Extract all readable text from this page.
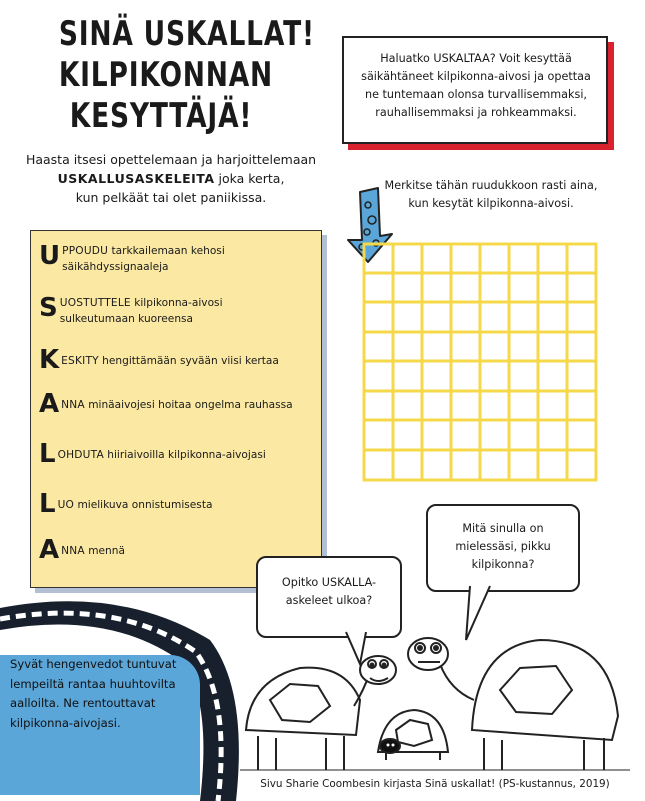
SINÄ USKALLAT!
KILPIKONNAN
KESYTTÄJÄ!
Haasta itsesi opettelemaan ja harjoittelemaan
USKALLUSASKELEITA joka kerta,
kun pelkäät tai olet paniikissa.

Haluatko USKALTAA? Voit kesyttää säikähtäneet kilpikonna-aivosi ja opettaa ne tuntemaan olonsa turvallisemmaksi, rauhallisemmaksi ja rohkeammaksi.

Merkitse tähän ruudukkoon rasti aina, kun kesytät kilpikonna-aivosi.
U PPOUDU tarkkailemaan kehosi säikähdyssignaaleja
S UOSTUTTELE kilpikonna-aivosi sulkeutumaan kuoreensa
K ESKITY hengittämään syvään viisi kertaa
A NNA minäaivojesi hoitaa ongelma rauhassa
L OHDUTA hiiriaivoilla kilpikonna-aivojasi
L UO mielikuva onnistumisesta
A NNA mennä

Syvät hengenvedot tuntuvat lempeiltä rantaa huuhtovilta aalloilta. Ne rentouttavat kilpikonna-aivojasi.

Opitko USKALLA-askeleet ulkoa?
Mitä sinulla on mielessäsi, pikku kilpikonna?
Sivu Sharie Coombesin kirjasta Sinä uskallat! (PS-kustannus, 2019)
